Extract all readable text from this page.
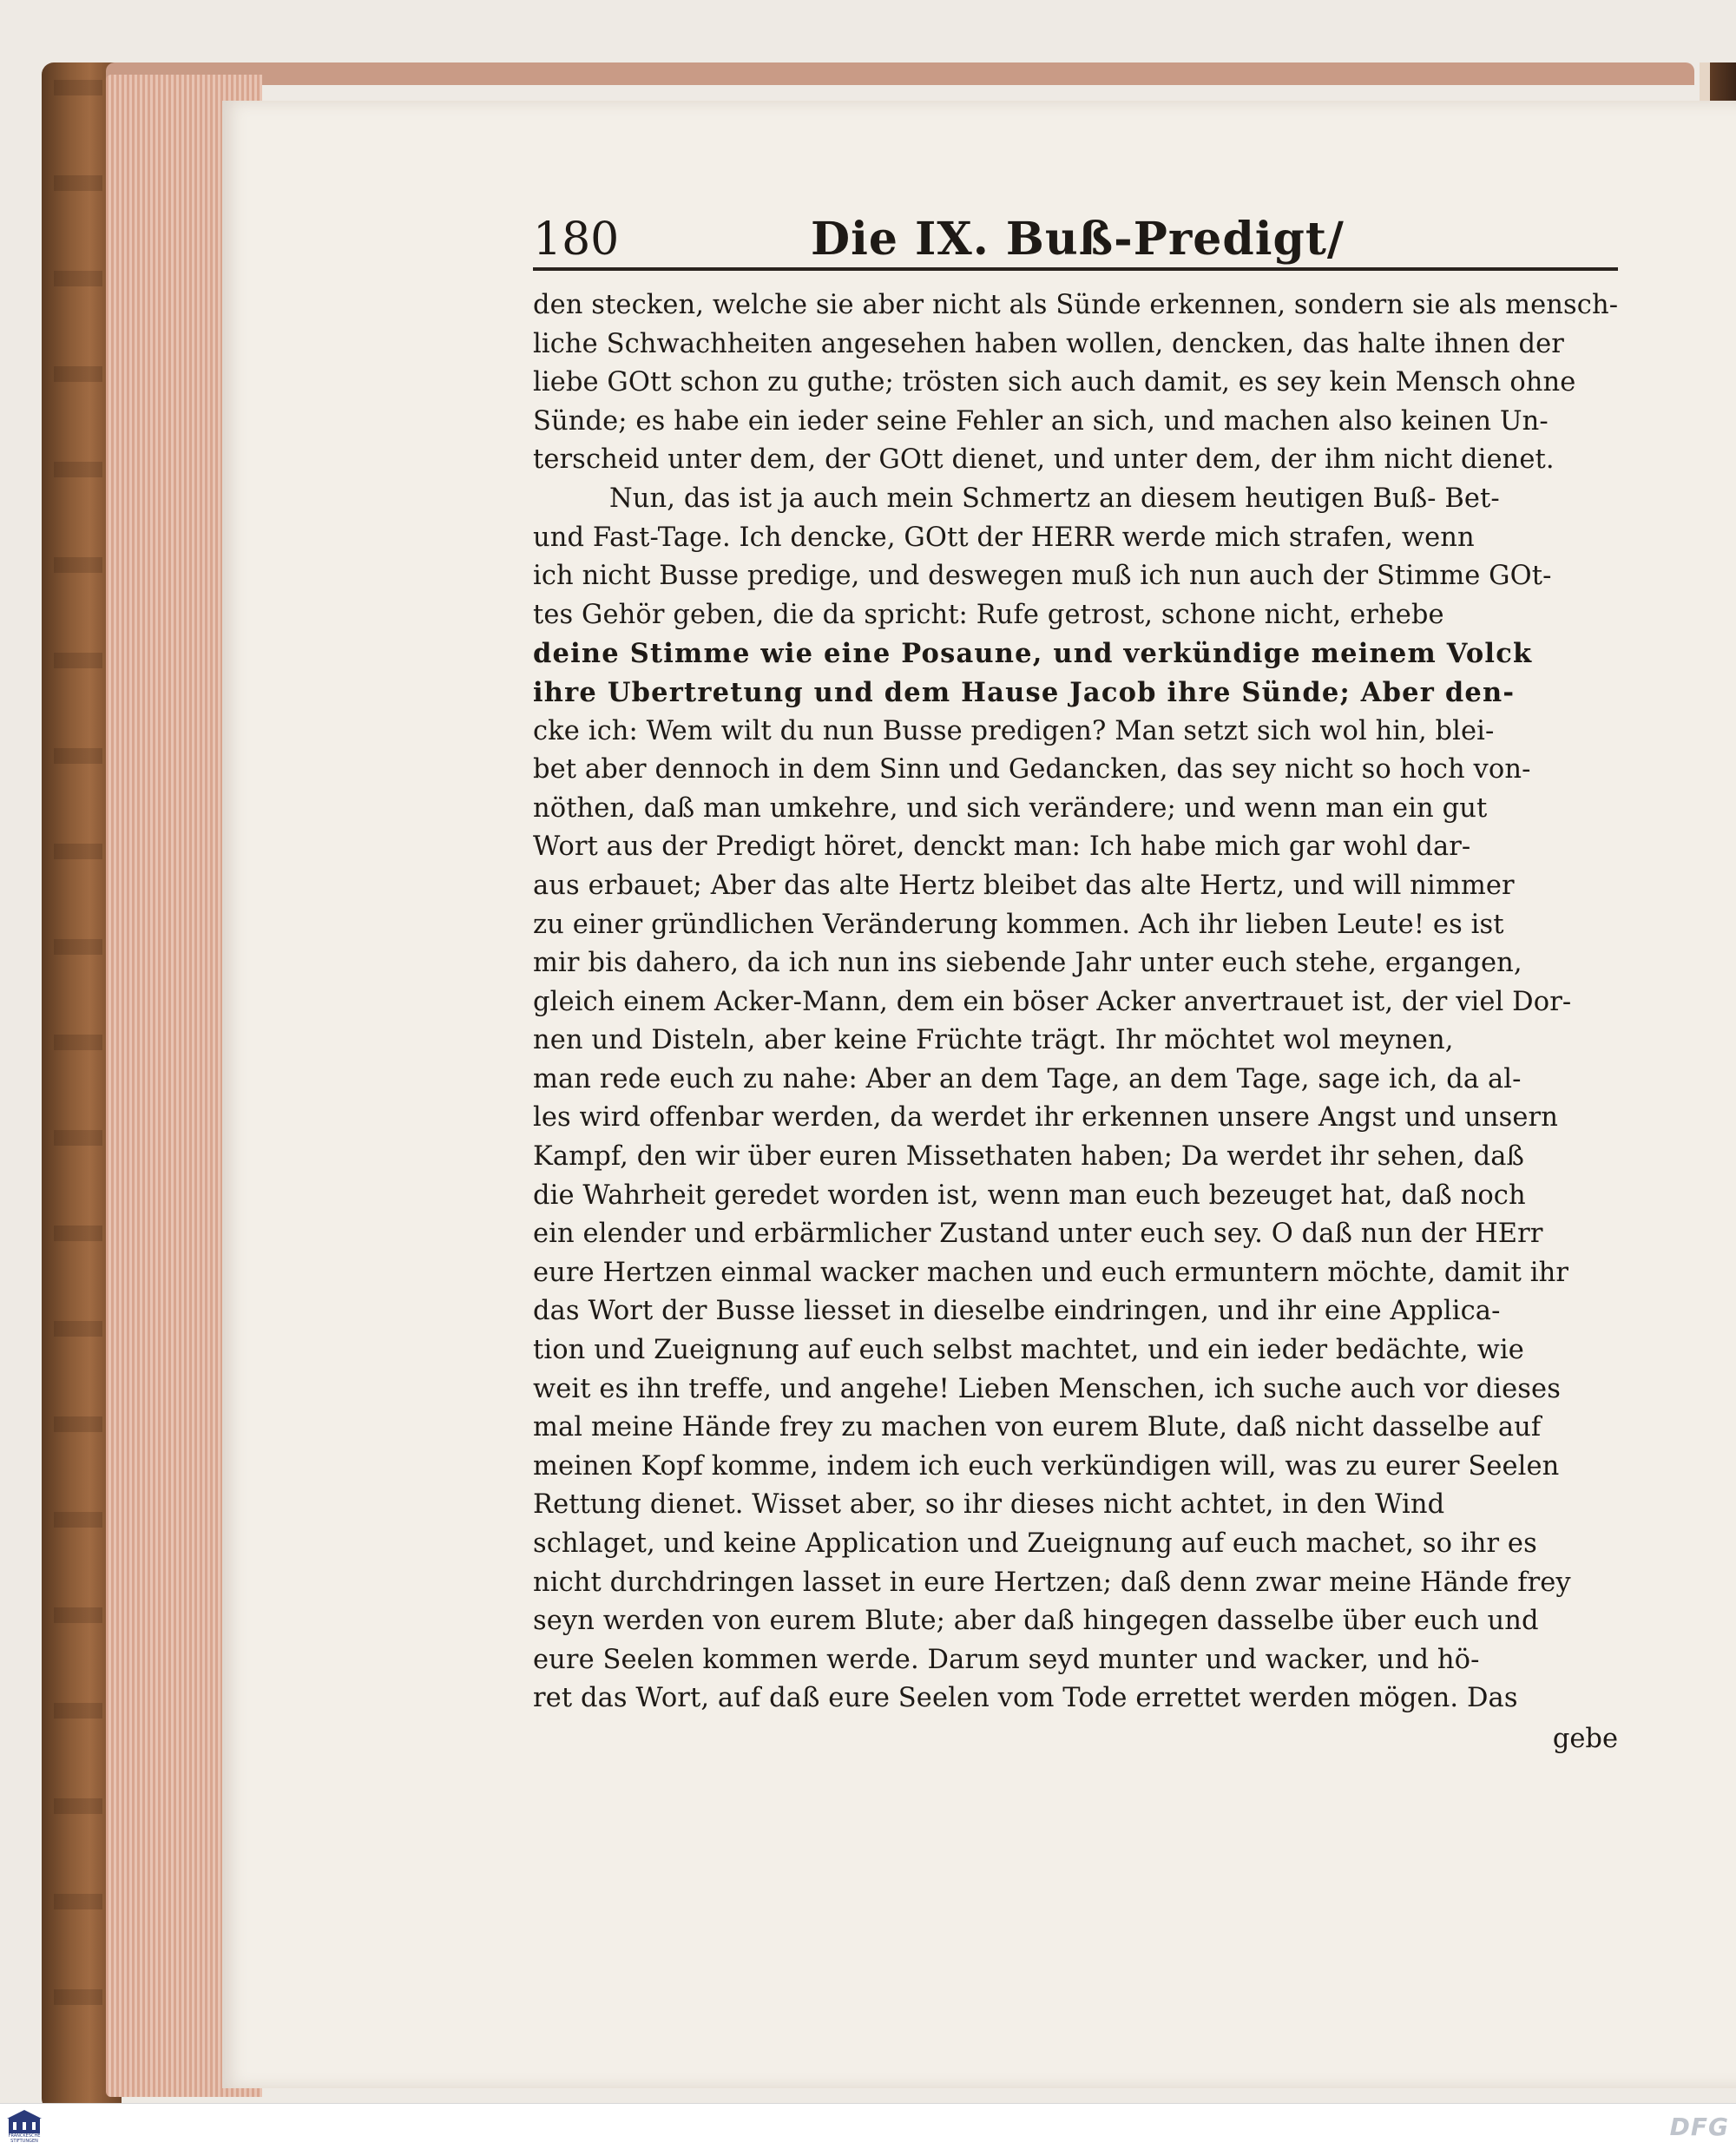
180	Die IX. Buß-Predigt/
den stecken, welche sie aber nicht als Sünde erkennen, sondern sie als mensch-
liche Schwachheiten angesehen haben wollen, dencken, das halte ihnen der
liebe GOtt schon zu guthe; trösten sich auch damit, es sey kein Mensch ohne
Sünde; es habe ein ieder seine Fehler an sich, und machen also keinen Un-
terscheid unter dem, der GOtt dienet, und unter dem, der ihm nicht dienet.
Nun, das ist ja auch mein Schmertz an diesem heutigen Buß- Bet-
und Fast-Tage. Ich dencke, GOtt der HERR werde mich strafen, wenn
ich nicht Busse predige, und deswegen muß ich nun auch der Stimme GOt-
tes Gehör geben, die da spricht: Rufe getrost, schone nicht, erhebe
deine Stimme wie eine Posaune, und verkündige meinem Volck
ihre Ubertretung und dem Hause Jacob ihre Sünde; Aber den-
cke ich: Wem wilt du nun Busse predigen? Man setzt sich wol hin, blei-
bet aber dennoch in dem Sinn und Gedancken, das sey nicht so hoch von-
nöthen, daß man umkehre, und sich verändere; und wenn man ein gut
Wort aus der Predigt höret, denckt man: Ich habe mich gar wohl dar-
aus erbauet; Aber das alte Hertz bleibet das alte Hertz, und will nimmer
zu einer gründlichen Veränderung kommen. Ach ihr lieben Leute! es ist
mir bis dahero, da ich nun ins siebende Jahr unter euch stehe, ergangen,
gleich einem Acker-Mann, dem ein böser Acker anvertrauet ist, der viel Dor-
nen und Disteln, aber keine Früchte trägt. Ihr möchtet wol meynen,
man rede euch zu nahe: Aber an dem Tage, an dem Tage, sage ich, da al-
les wird offenbar werden, da werdet ihr erkennen unsere Angst und unsern
Kampf, den wir über euren Missethaten haben; Da werdet ihr sehen, daß
die Wahrheit geredet worden ist, wenn man euch bezeuget hat, daß noch
ein elender und erbärmlicher Zustand unter euch sey. O daß nun der HErr
eure Hertzen einmal wacker machen und euch ermuntern möchte, damit ihr
das Wort der Busse liesset in dieselbe eindringen, und ihr eine Applica-
tion und Zueignung auf euch selbst machtet, und ein ieder bedächte, wie
weit es ihn treffe, und angehe! Lieben Menschen, ich suche auch vor dieses
mal meine Hände frey zu machen von eurem Blute, daß nicht dasselbe auf
meinen Kopf komme, indem ich euch verkündigen will, was zu eurer Seelen
Rettung dienet. Wisset aber, so ihr dieses nicht achtet, in den Wind
schlaget, und keine Application und Zueignung auf euch machet, so ihr es
nicht durchdringen lasset in eure Hertzen; daß denn zwar meine Hände frey
seyn werden von eurem Blute; aber daß hingegen dasselbe über euch und
eure Seelen kommen werde. Darum seyd munter und wacker, und hö-
ret das Wort, auf daß eure Seelen vom Tode errettet werden mögen. Das
gebe
FRANCKESCHE
STIFTUNGEN	DFG
